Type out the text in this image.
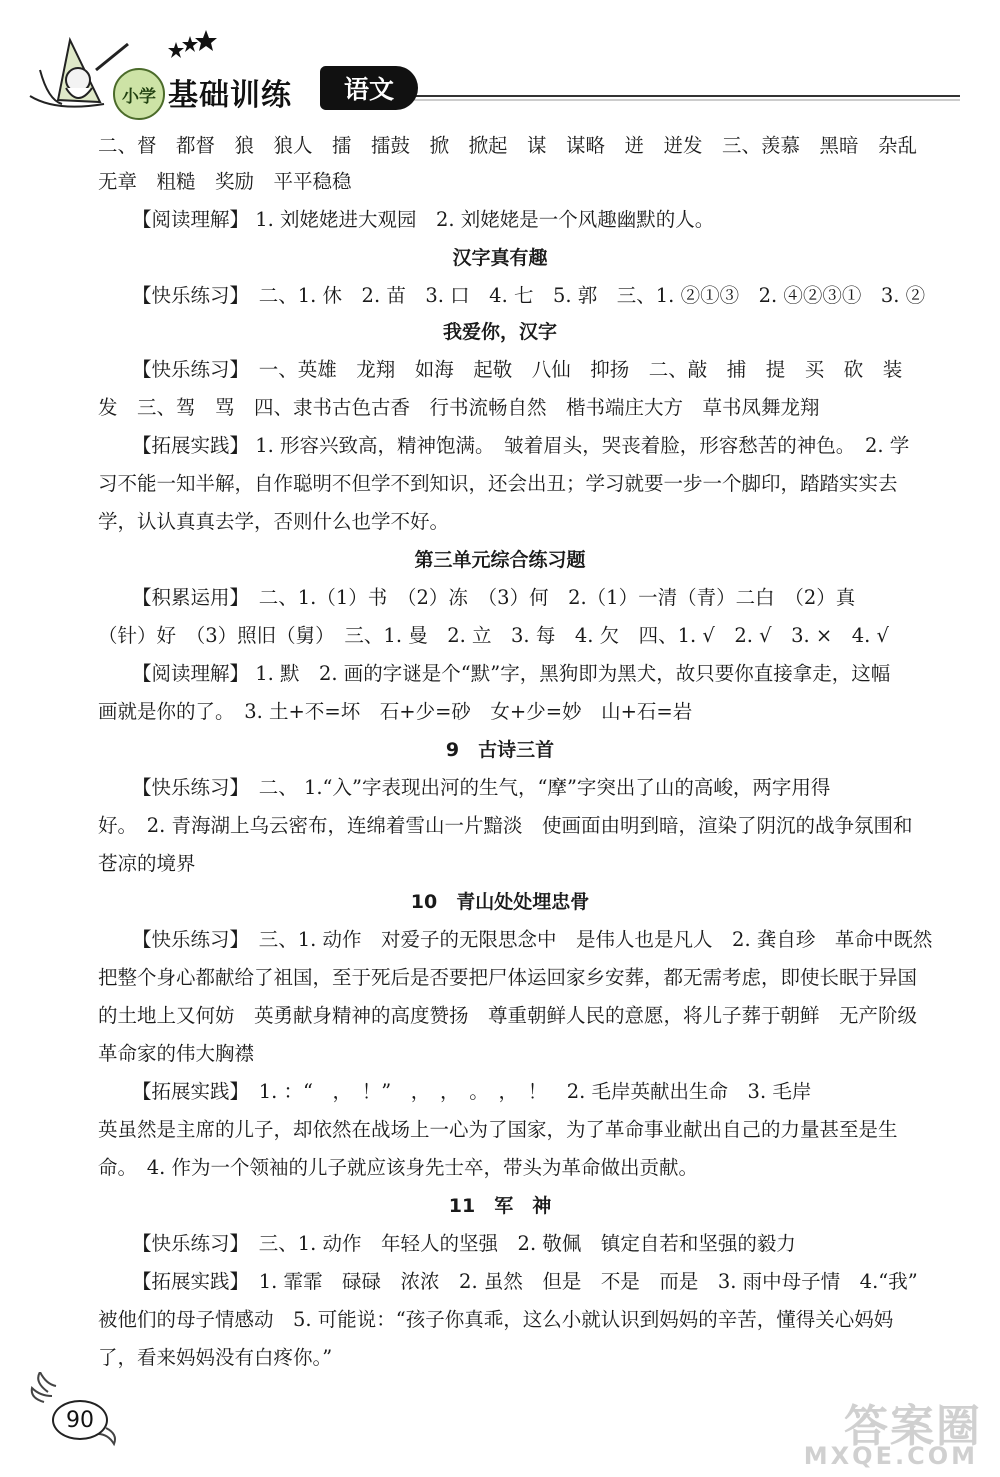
小学 基础训练	语文
二、督　都督　狼　狼人　擂　擂鼓　掀　掀起　谋　谋略　迸　迸发　三、羡慕　黑暗　杂乱
无章　粗糙　奖励　平平稳稳
【阅读理解】 1. 刘姥姥进大观园　2. 刘姥姥是一个风趣幽默的人。
汉字真有趣
【快乐练习】　二、1. 休　2. 苗　3. 口　4. 七　5. 郭　三、1. ②①③　2. ④②③①　3. ②
我爱你，汉字
【快乐练习】　一、英雄　龙翔　如海　起敬　八仙　抑扬　二、敲　捕　提　买　砍　装
发　三、驾　骂　四、隶书古色古香　行书流畅自然　楷书端庄大方　草书凤舞龙翔
【拓展实践】 1. 形容兴致高，精神饱满。　皱着眉头，哭丧着脸，形容愁苦的神色。　2. 学
习不能一知半解，自作聪明不但学不到知识，还会出丑；学习就要一步一个脚印，踏踏实实去
学，认认真真去学，否则什么也学不好。
第三单元综合练习题
【积累运用】　二、1.（1）书　（2）冻　（3）何　2.（1）一清（青）二白　（2）真
（针）好　（3）照旧（舅）　三、1. 曼　2. 立　3. 每　4. 欠　四、1. √　2. √　3. ×　4. √
【阅读理解】 1. 默　2. 画的字谜是个“默”字，黑狗即为黑犬，故只要你直接拿走，这幅
画就是你的了。　3. 土+不=坏　石+少=砂　女+少=妙　山+石=岩
9　古诗三首
【快乐练习】　二、 1.“入”字表现出河的生气，“摩”字突出了山的高峻，两字用得
好。　2. 青海湖上乌云密布，连绵着雪山一片黯淡　使画面由明到暗，渲染了阴沉的战争氛围和
苍凉的境界
10　青山处处埋忠骨
【快乐练习】　三、1. 动作　对爱子的无限思念中　是伟人也是凡人　2. 龚自珍　革命中既然
把整个身心都献给了祖国，至于死后是否要把尸体运回家乡安葬，都无需考虑，即使长眠于异国
的土地上又何妨　英勇献身精神的高度赞扬　尊重朝鲜人民的意愿，将儿子葬于朝鲜　无产阶级
革命家的伟大胸襟
【拓展实践】　1. ：“　，　！”　，　，　。　，　！　2. 毛岸英献出生命　3. 毛岸
英虽然是主席的儿子，却依然在战场上一心为了国家，为了革命事业献出自己的力量甚至是生
命。　4. 作为一个领袖的儿子就应该身先士卒，带头为革命做出贡献。
11　军　神
【快乐练习】　三、1. 动作　年轻人的坚强　2. 敬佩　镇定自若和坚强的毅力
【拓展实践】　1. 霏霏　碌碌　浓浓　2. 虽然　但是　不是　而是　3. 雨中母子情　4.“我”
被他们的母子情感动　5. 可能说：“孩子你真乖，这么小就认识到妈妈的辛苦，懂得关心妈妈
了，看来妈妈没有白疼你。”
90	答案圈
MXQE.COM
